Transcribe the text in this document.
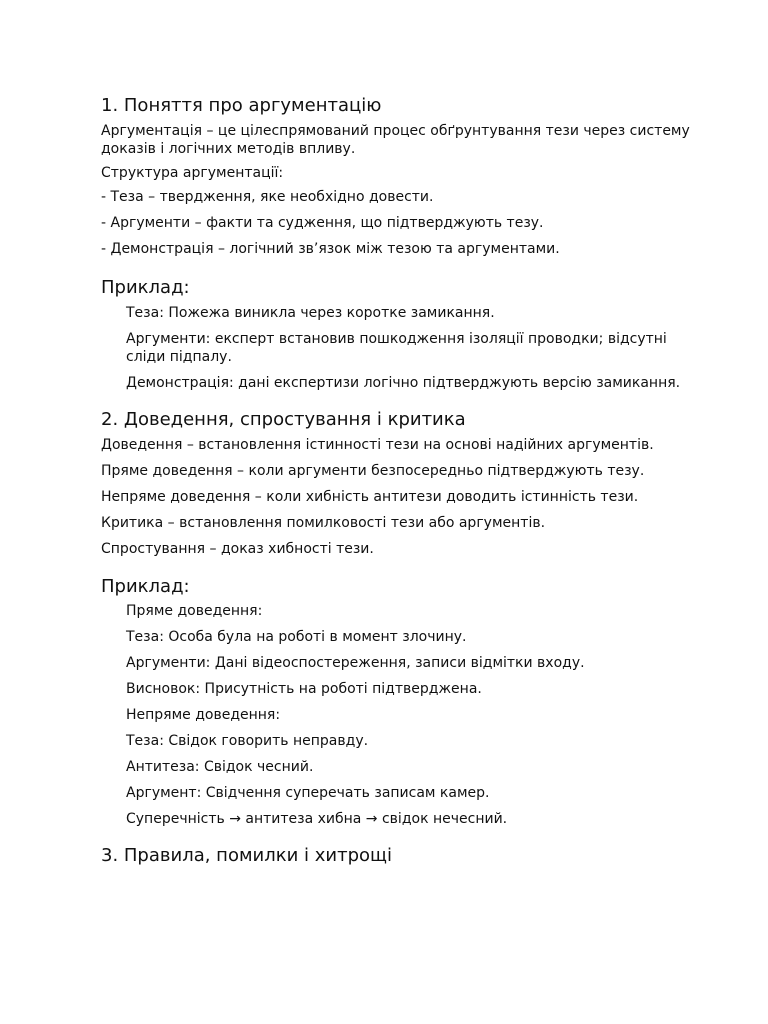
1. Поняття про аргументацію

Аргументація – це цілеспрямований процес обґрунтування тези через систему доказів і логічних методів впливу.

Структура аргументації:

- Теза – твердження, яке необхідно довести.

- Аргументи – факти та судження, що підтверджують тезу.

- Демонстрація – логічний зв’язок між тезою та аргументами.

Приклад:

Теза: Пожежа виникла через коротке замикання.

Аргументи: експерт встановив пошкодження ізоляції проводки; відсутні сліди підпалу.

Демонстрація: дані експертизи логічно підтверджують версію замикання.

2. Доведення, спростування і критика

Доведення – встановлення істинності тези на основі надійних аргументів.

Пряме доведення – коли аргументи безпосередньо підтверджують тезу.

Непряме доведення – коли хибність антитези доводить істинність тези.

Критика – встановлення помилковості тези або аргументів.

Спростування – доказ хибності тези.

Приклад:

Пряме доведення:

Теза: Особа була на роботі в момент злочину.

Аргументи: Дані відеоспостереження, записи відмітки входу.

Висновок: Присутність на роботі підтверджена.

Непряме доведення:

Теза: Свідок говорить неправду.

Антитеза: Свідок чесний.

Аргумент: Свідчення суперечать записам камер.

Суперечність → антитеза хибна → свідок нечесний.

3. Правила, помилки і хитрощі
